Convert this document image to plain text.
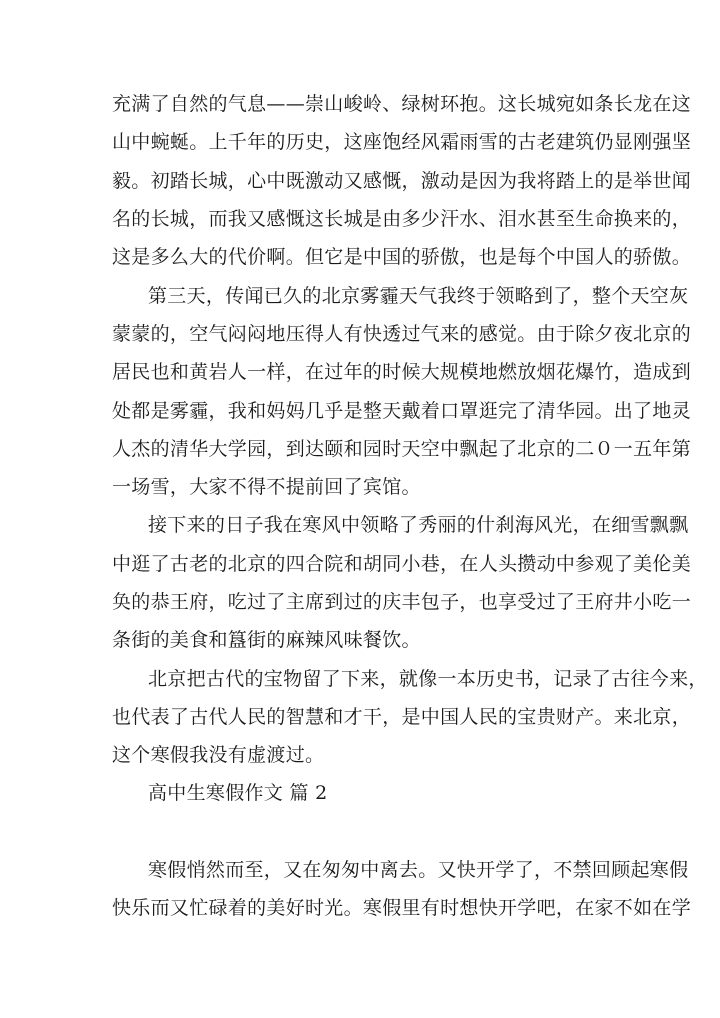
充满了自然的气息——崇山峻岭、绿树环抱。这长城宛如条长龙在这
山中蜿蜒。上千年的历史，这座饱经风霜雨雪的古老建筑仍显刚强坚
毅。初踏长城，心中既激动又感慨，激动是因为我将踏上的是举世闻
名的长城，而我又感慨这长城是由多少汗水、泪水甚至生命换来的，
这是多么大的代价啊。但它是中国的骄傲，也是每个中国人的骄傲。
第三天，传闻已久的北京雾霾天气我终于领略到了，整个天空灰
蒙蒙的，空气闷闷地压得人有快透过气来的感觉。由于除夕夜北京的
居民也和黄岩人一样，在过年的时候大规模地燃放烟花爆竹，造成到
处都是雾霾，我和妈妈几乎是整天戴着口罩逛完了清华园。出了地灵
人杰的清华大学园，到达颐和园时天空中飘起了北京的二０一五年第
一场雪，大家不得不提前回了宾馆。
接下来的日子我在寒风中领略了秀丽的什刹海风光，在细雪飘飘
中逛了古老的北京的四合院和胡同小巷，在人头攒动中参观了美伦美
奂的恭王府，吃过了主席到过的庆丰包子，也享受过了王府井小吃一
条街的美食和簋街的麻辣风味餐饮。
北京把古代的宝物留了下来，就像一本历史书，记录了古往今来，
也代表了古代人民的智慧和才干，是中国人民的宝贵财产。来北京，
这个寒假我没有虚渡过。
高中生寒假作文 篇 2
寒假悄然而至，又在匆匆中离去。又快开学了，不禁回顾起寒假
快乐而又忙碌着的美好时光。寒假里有时想快开学吧，在家不如在学
